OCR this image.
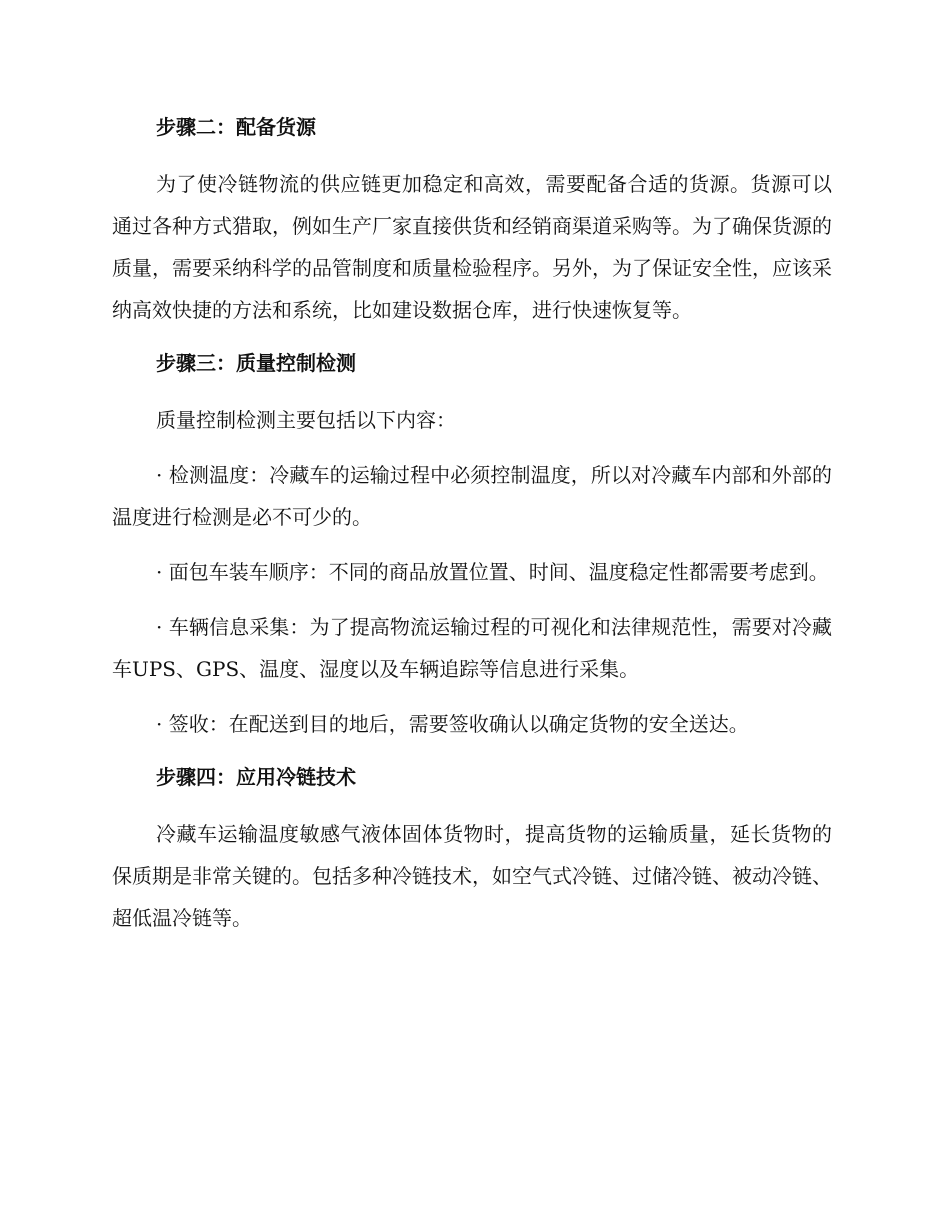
步骤二：配备货源

为了使冷链物流的供应链更加稳定和高效，需要配备合适的货源。货源可以通过各种方式猎取，例如生产厂家直接供货和经销商渠道采购等。为了确保货源的质量，需要采纳科学的品管制度和质量检验程序。另外，为了保证安全性，应该采纳高效快捷的方法和系统，比如建设数据仓库，进行快速恢复等。

步骤三：质量控制检测

质量控制检测主要包括以下内容：

· 检测温度：冷藏车的运输过程中必须控制温度，所以对冷藏车内部和外部的温度进行检测是必不可少的。

· 面包车装车顺序：不同的商品放置位置、时间、温度稳定性都需要考虑到。

· 车辆信息采集：为了提高物流运输过程的可视化和法律规范性，需要对冷藏车UPS、GPS、温度、湿度以及车辆追踪等信息进行采集。

· 签收：在配送到目的地后，需要签收确认以确定货物的安全送达。

步骤四：应用冷链技术

冷藏车运输温度敏感气液体固体货物时，提高货物的运输质量，延长货物的保质期是非常关键的。包括多种冷链技术，如空气式冷链、过储冷链、被动冷链、超低温冷链等。
